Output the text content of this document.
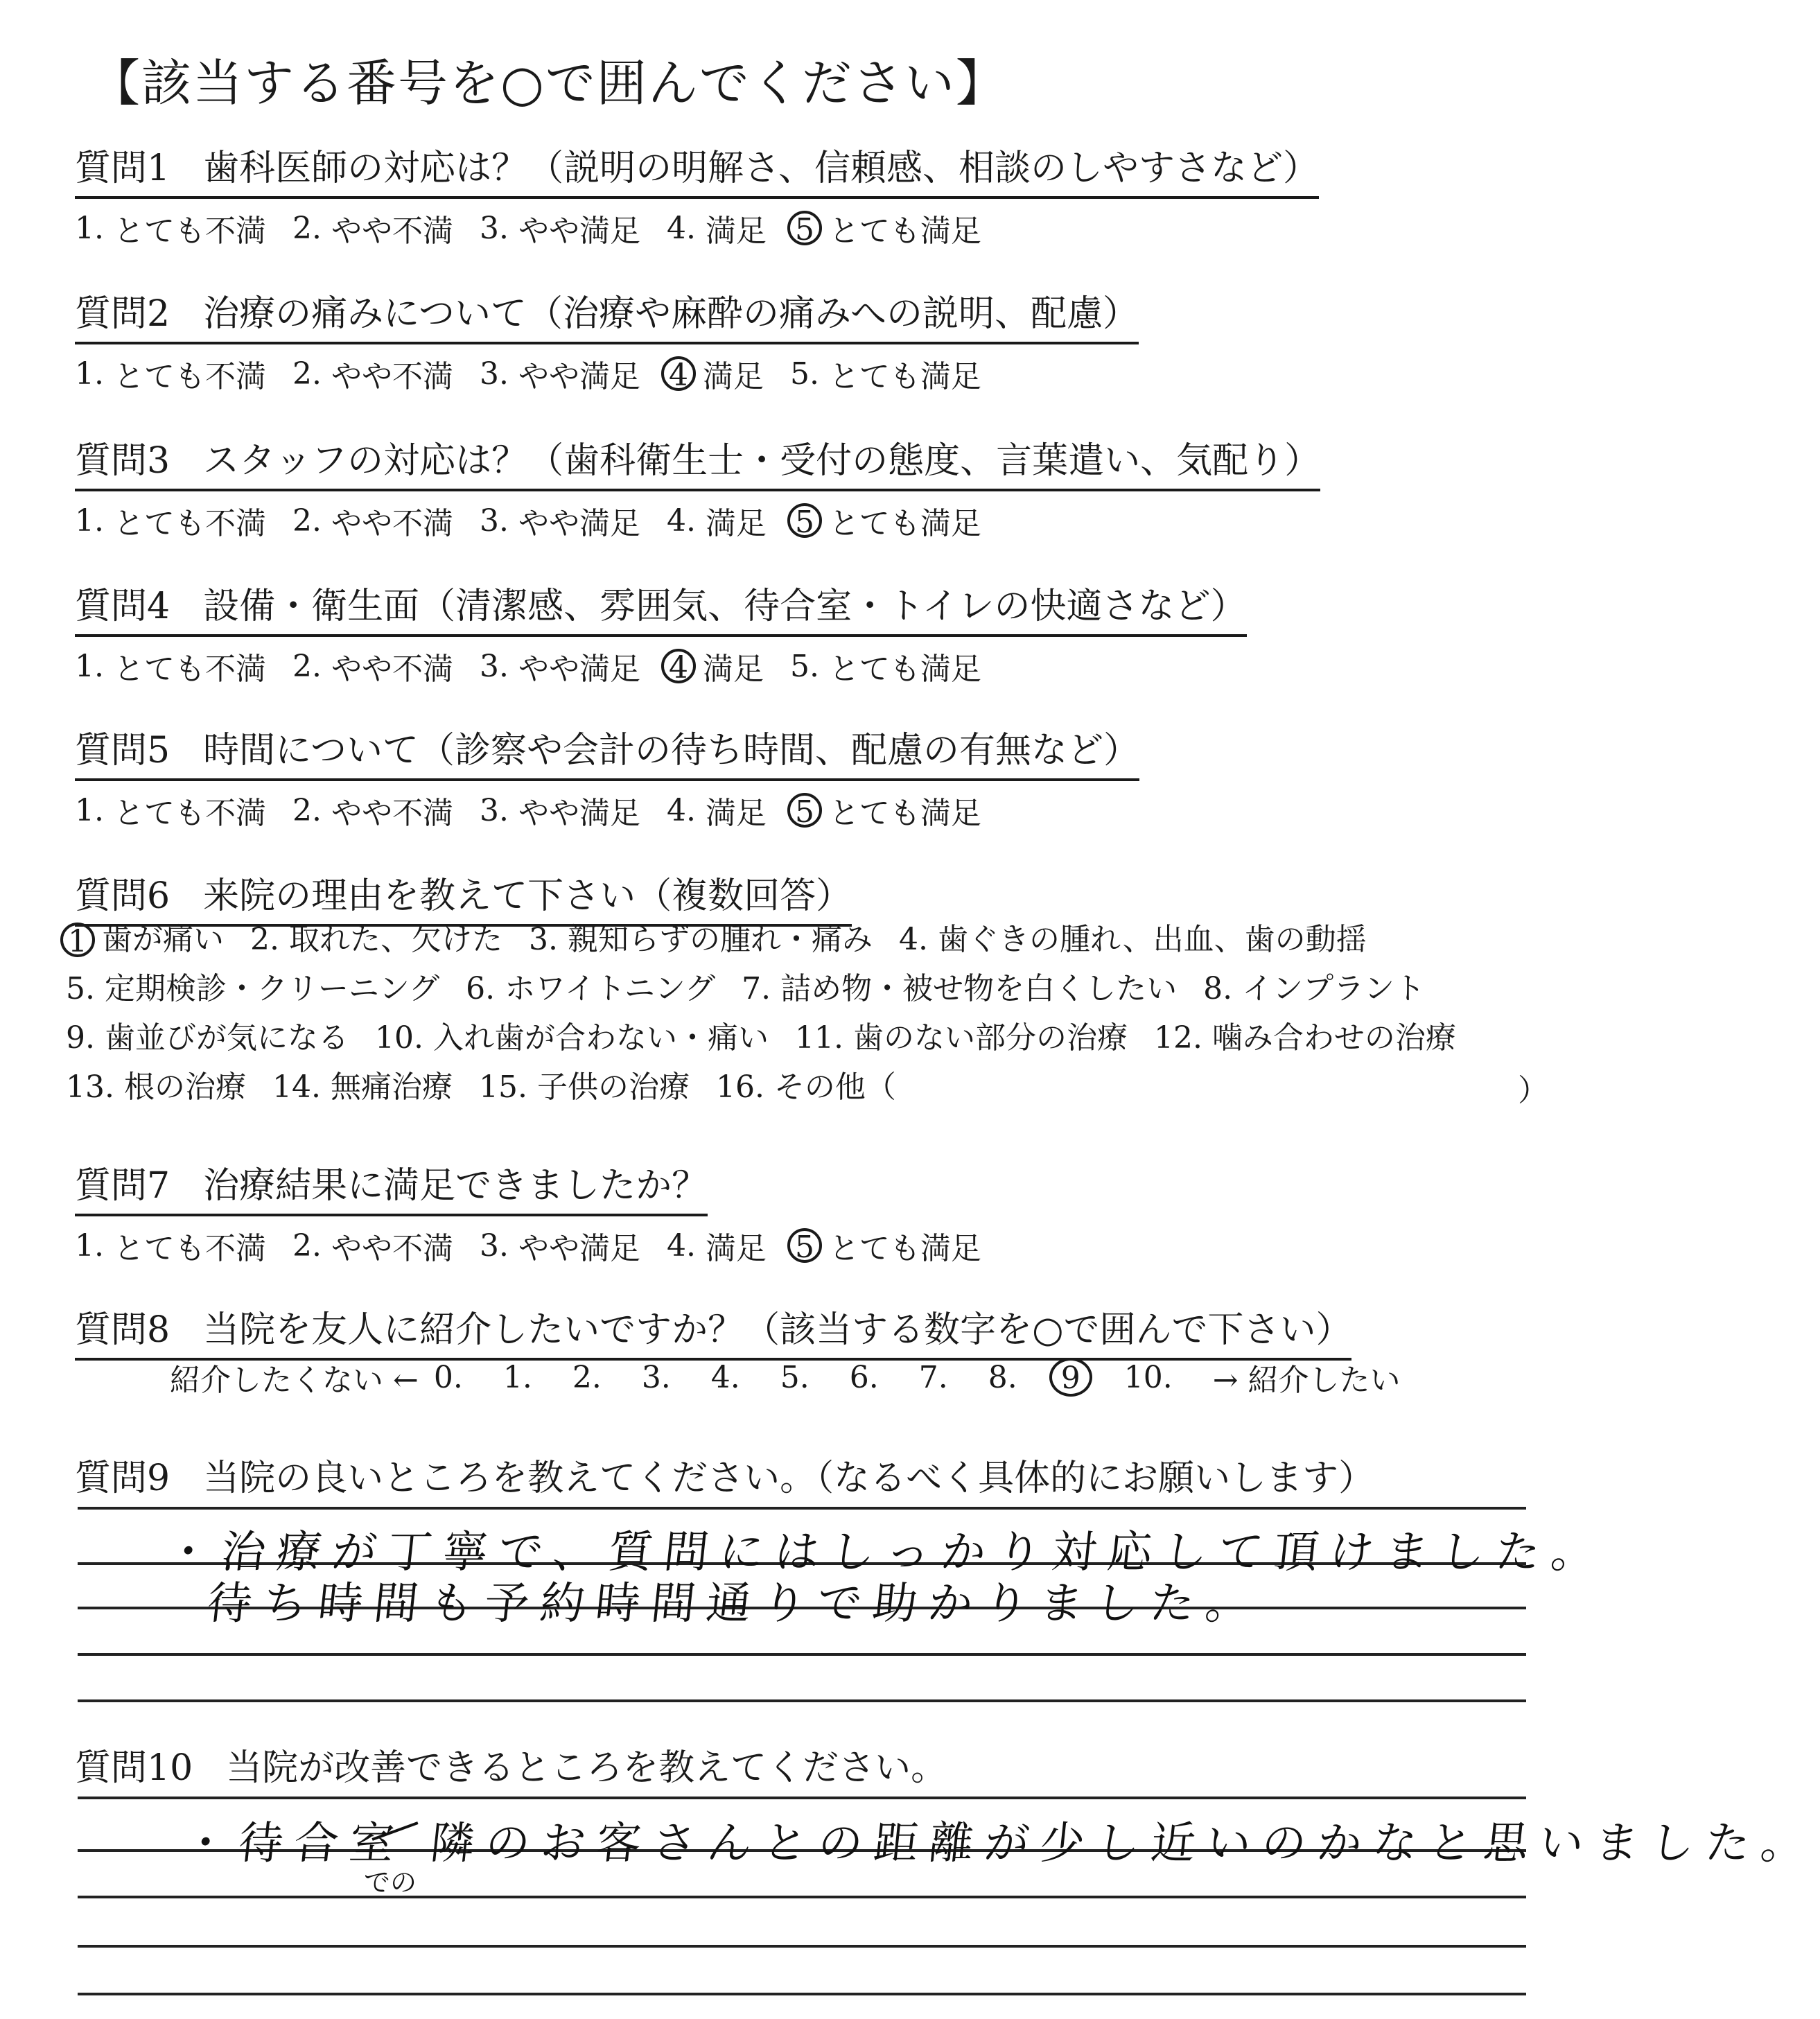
【該当する番号を○で囲んでください】
質問1 歯科医師の対応は？（説明の明解さ、信頼感、相談のしやすさなど）
1. とても不満 2. やや不満 3. やや満足 4. 満足 5 とても満足
質問2 治療の痛みについて（治療や麻酔の痛みへの説明、配慮）
1. とても不満 2. やや不満 3. やや満足 4 満足 5. とても満足
質問3 スタッフの対応は？（歯科衛生士・受付の態度、言葉遣い、気配り）
1. とても不満 2. やや不満 3. やや満足 4. 満足 5 とても満足
質問4 設備・衛生面（清潔感、雰囲気、待合室・トイレの快適さなど）
1. とても不満 2. やや不満 3. やや満足 4 満足 5. とても満足
質問5 時間について（診察や会計の待ち時間、配慮の有無など）
1. とても不満 2. やや不満 3. やや満足 4. 満足 5 とても満足
質問6 来院の理由を教えて下さい（複数回答）
1 歯が痛い 2. 取れた、欠けた 3. 親知らずの腫れ・痛み 4. 歯ぐきの腫れ、出血、歯の動揺
5. 定期検診・クリーニング 6. ホワイトニング 7. 詰め物・被せ物を白くしたい 8. インプラント
9. 歯並びが気になる 10. 入れ歯が合わない・痛い 11. 歯のない部分の治療 12. 噛み合わせの治療
13. 根の治療 14. 無痛治療 15. 子供の治療 16. その他（	）
質問7 治療結果に満足できましたか？
1. とても不満 2. やや不満 3. やや満足 4. 満足 5 とても満足
質問8 当院を友人に紹介したいですか？（該当する数字を○で囲んで下さい）
紹介したくない ← 0. 1. 2. 3. 4. 5. 6. 7. 8.	9	10. → 紹介したい
質問9 当院の良いところを教えてください。（なるべく具体的にお願いします）
・治療が丁寧で、質問にはしっかり対応して頂けました。
待ち時間も予約時間通りで助かりました。
質問10 当院が改善できるところを教えてください。
・待合室 隣のお客さんとの距離が少し近いのかなと思いました。
での
